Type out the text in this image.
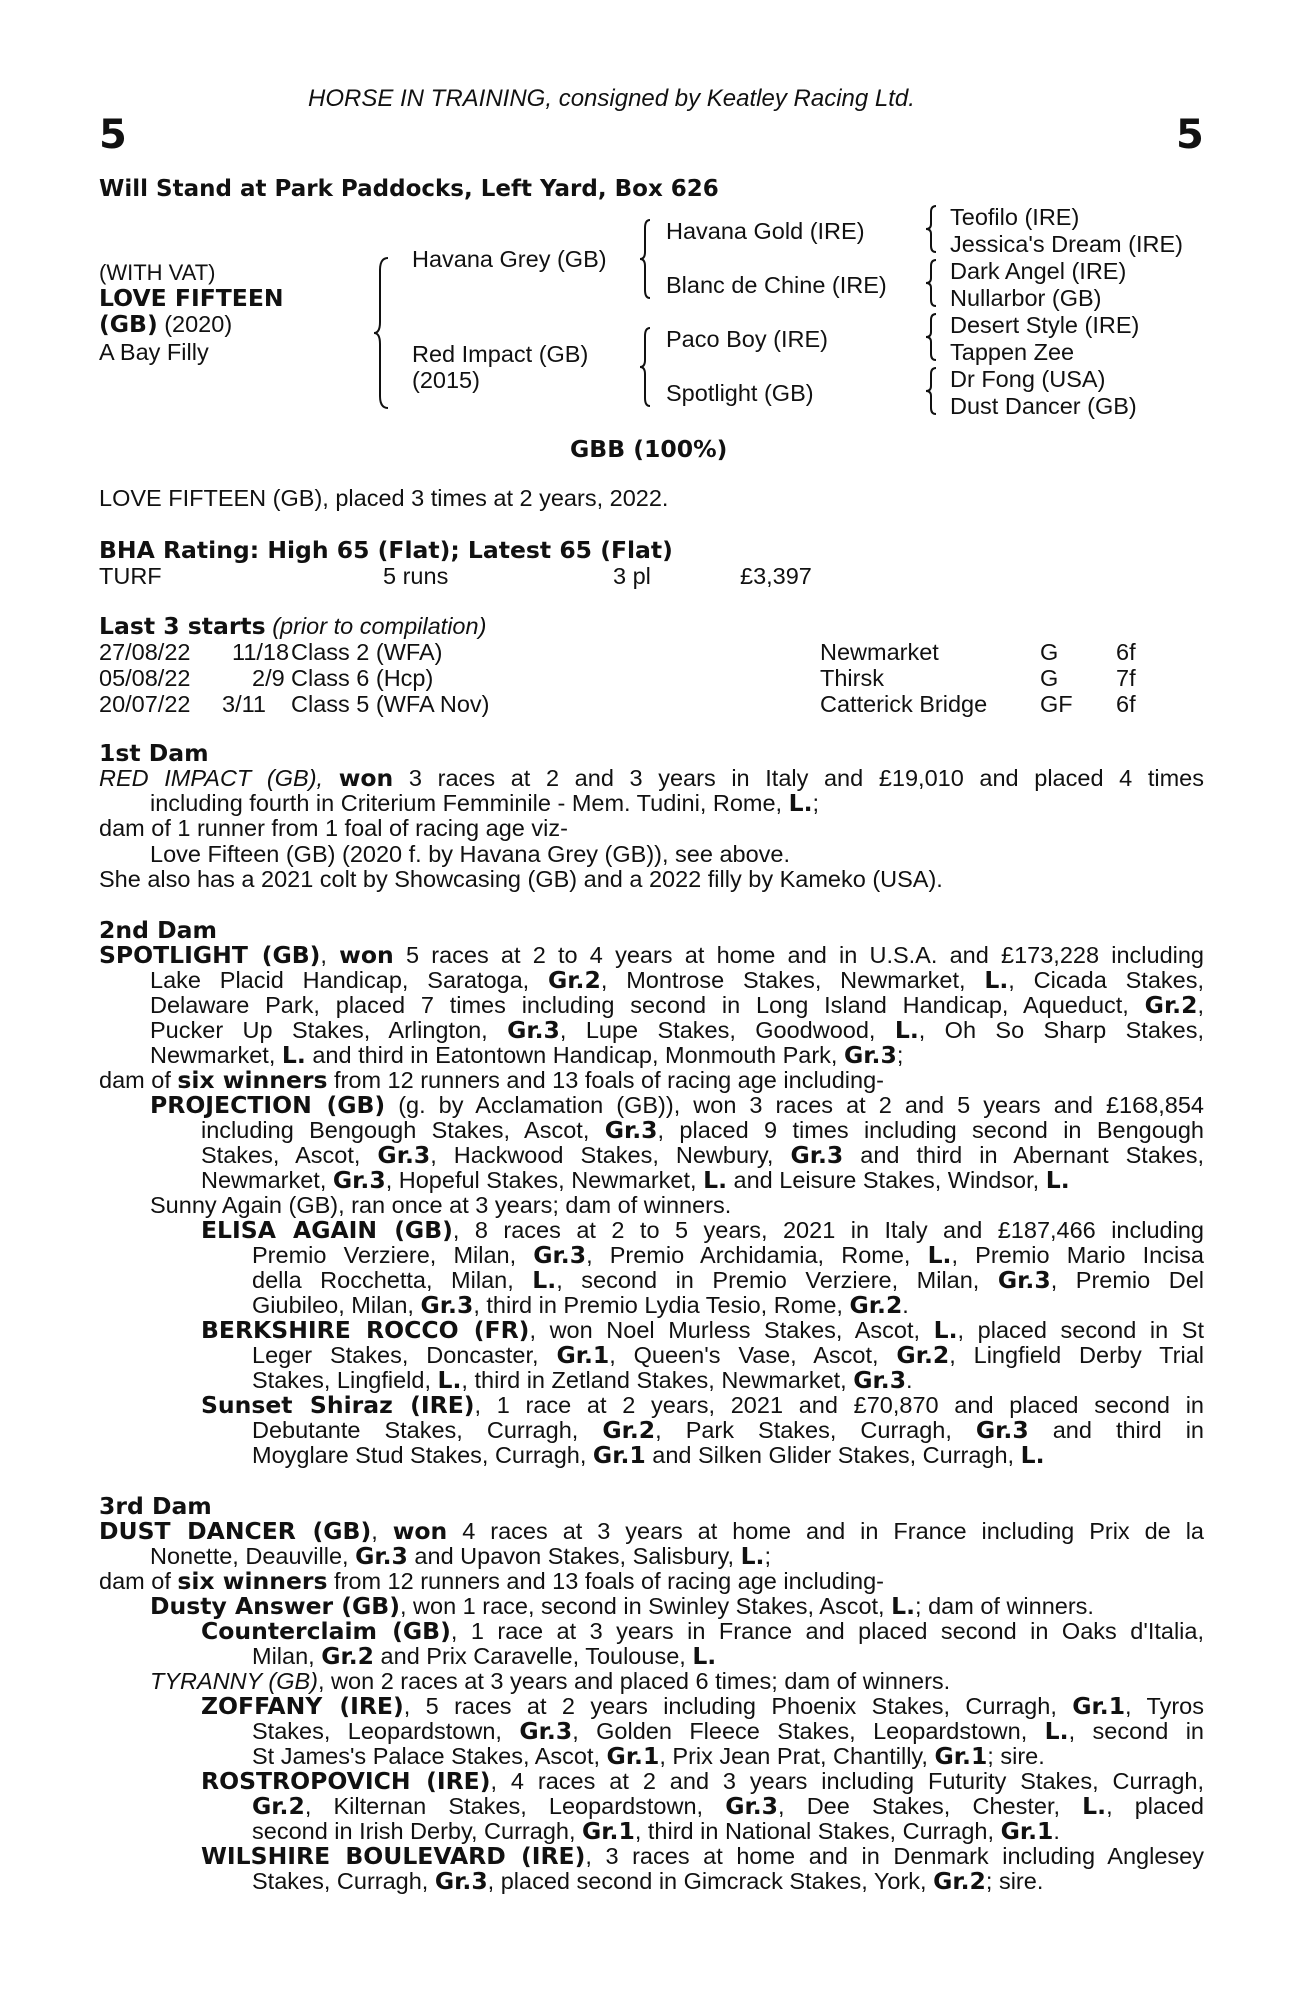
HORSE IN TRAINING, consigned by Keatley Racing Ltd.
5	5
Will Stand at Park Paddocks, Left Yard, Box 626
(WITH VAT)
LOVE FIFTEEN
(GB) (2020)
A Bay Filly
Havana Grey (GB)
Red Impact (GB)
(2015)
Havana Gold (IRE)
Blanc de Chine (IRE)
Paco Boy (IRE)
Spotlight (GB)
Teofilo (IRE)
Jessica's Dream (IRE)
Dark Angel (IRE)
Nullarbor (GB)
Desert Style (IRE)
Tappen Zee
Dr Fong (USA)
Dust Dancer (GB)
GBB (100%)
LOVE FIFTEEN (GB), placed 3 times at 2 years, 2022.
BHA Rating: High 65 (Flat); Latest 65 (Flat)
TURF	5 runs	3 pl	£3,397
Last 3 starts (prior to compilation)
27/08/22 11/18 Class 2 (WFA)	Newmarket	G 6f
05/08/22	2/9 Class 6 (Hcp)	Thirsk	G 7f
20/07/22 3/11 Class 5 (WFA Nov)	Catterick Bridge GF 6f
1st Dam
RED IMPACT (GB), won 3 races at 2 and 3 years in Italy and £19,010 and placed 4 times
including fourth in Criterium Femminile - Mem. Tudini, Rome, L.;
dam of 1 runner from 1 foal of racing age viz-
Love Fifteen (GB) (2020 f. by Havana Grey (GB)), see above.
She also has a 2021 colt by Showcasing (GB) and a 2022 filly by Kameko (USA).
2nd Dam
SPOTLIGHT (GB), won 5 races at 2 to 4 years at home and in U.S.A. and £173,228 including
Lake Placid Handicap, Saratoga, Gr.2, Montrose Stakes, Newmarket, L., Cicada Stakes,
Delaware Park, placed 7 times including second in Long Island Handicap, Aqueduct, Gr.2,
Pucker Up Stakes, Arlington, Gr.3, Lupe Stakes, Goodwood, L., Oh So Sharp Stakes,
Newmarket, L. and third in Eatontown Handicap, Monmouth Park, Gr.3;
dam of six winners from 12 runners and 13 foals of racing age including-
PROJECTION (GB) (g. by Acclamation (GB)), won 3 races at 2 and 5 years and £168,854
including Bengough Stakes, Ascot, Gr.3, placed 9 times including second in Bengough
Stakes, Ascot, Gr.3, Hackwood Stakes, Newbury, Gr.3 and third in Abernant Stakes,
Newmarket, Gr.3, Hopeful Stakes, Newmarket, L. and Leisure Stakes, Windsor, L.
Sunny Again (GB), ran once at 3 years; dam of winners.
ELISA AGAIN (GB), 8 races at 2 to 5 years, 2021 in Italy and £187,466 including
Premio Verziere, Milan, Gr.3, Premio Archidamia, Rome, L., Premio Mario Incisa
della Rocchetta, Milan, L., second in Premio Verziere, Milan, Gr.3, Premio Del
Giubileo, Milan, Gr.3, third in Premio Lydia Tesio, Rome, Gr.2.
BERKSHIRE ROCCO (FR), won Noel Murless Stakes, Ascot, L., placed second in St
Leger Stakes, Doncaster, Gr.1, Queen's Vase, Ascot, Gr.2, Lingfield Derby Trial
Stakes, Lingfield, L., third in Zetland Stakes, Newmarket, Gr.3.
Sunset Shiraz (IRE), 1 race at 2 years, 2021 and £70,870 and placed second in
Debutante Stakes, Curragh, Gr.2, Park Stakes, Curragh, Gr.3 and third in
Moyglare Stud Stakes, Curragh, Gr.1 and Silken Glider Stakes, Curragh, L.
3rd Dam
DUST DANCER (GB), won 4 races at 3 years at home and in France including Prix de la
Nonette, Deauville, Gr.3 and Upavon Stakes, Salisbury, L.;
dam of six winners from 12 runners and 13 foals of racing age including-
Dusty Answer (GB), won 1 race, second in Swinley Stakes, Ascot, L.; dam of winners.
Counterclaim (GB), 1 race at 3 years in France and placed second in Oaks d'Italia,
Milan, Gr.2 and Prix Caravelle, Toulouse, L.
TYRANNY (GB), won 2 races at 3 years and placed 6 times; dam of winners.
ZOFFANY (IRE), 5 races at 2 years including Phoenix Stakes, Curragh, Gr.1, Tyros
Stakes, Leopardstown, Gr.3, Golden Fleece Stakes, Leopardstown, L., second in
St James's Palace Stakes, Ascot, Gr.1, Prix Jean Prat, Chantilly, Gr.1; sire.
ROSTROPOVICH (IRE), 4 races at 2 and 3 years including Futurity Stakes, Curragh,
Gr.2, Kilternan Stakes, Leopardstown, Gr.3, Dee Stakes, Chester, L., placed
second in Irish Derby, Curragh, Gr.1, third in National Stakes, Curragh, Gr.1.
WILSHIRE BOULEVARD (IRE), 3 races at home and in Denmark including Anglesey
Stakes, Curragh, Gr.3, placed second in Gimcrack Stakes, York, Gr.2; sire.
